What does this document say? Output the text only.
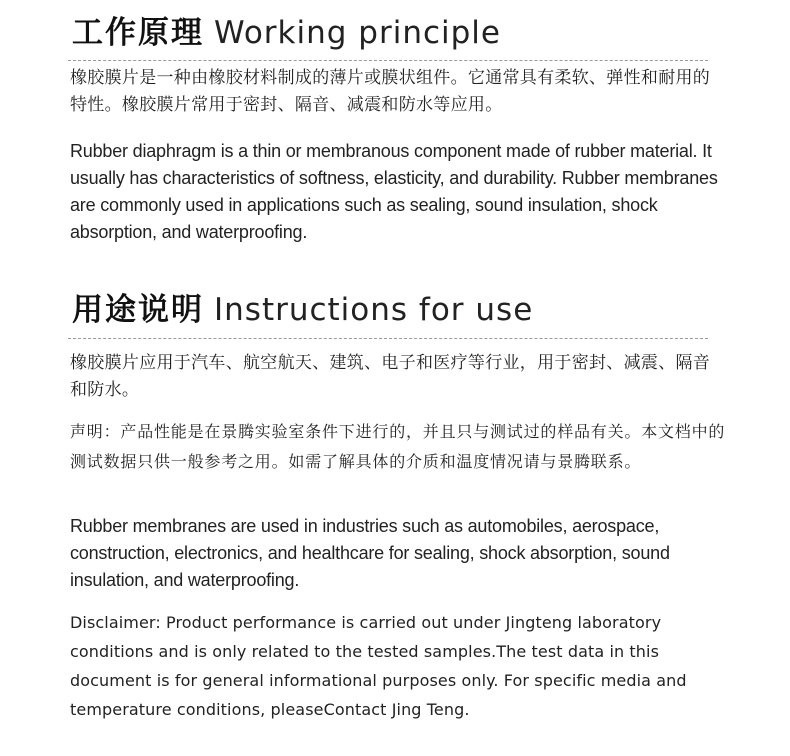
工作原理 Working principle

橡胶膜片是一种由橡胶材料制成的薄片或膜状组件。它通常具有柔软、弹性和耐用的特性。橡胶膜片常用于密封、隔音、减震和防水等应用。

Rubber diaphragm is a thin or membranous component made of rubber material. It usually has characteristics of softness, elasticity, and durability. Rubber membranes are commonly used in applications such as sealing, sound insulation, shock absorption, and waterproofing.

用途说明 Instructions for use

橡胶膜片应用于汽车、航空航天、建筑、电子和医疗等行业，用于密封、减震、隔音和防水。

声明：产品性能是在景腾实验室条件下进行的，并且只与测试过的样品有关。本文档中的测试数据只供一般参考之用。如需了解具体的介质和温度情况请与景腾联系。

Rubber membranes are used in industries such as automobiles, aerospace, construction, electronics, and healthcare for sealing, shock absorption, sound insulation, and waterproofing.

Disclaimer: Product performance is carried out under Jingteng laboratory conditions and is only related to the tested samples.The test data in this document is for general informational purposes only. For specific media and temperature conditions, pleaseContact Jing Teng.
